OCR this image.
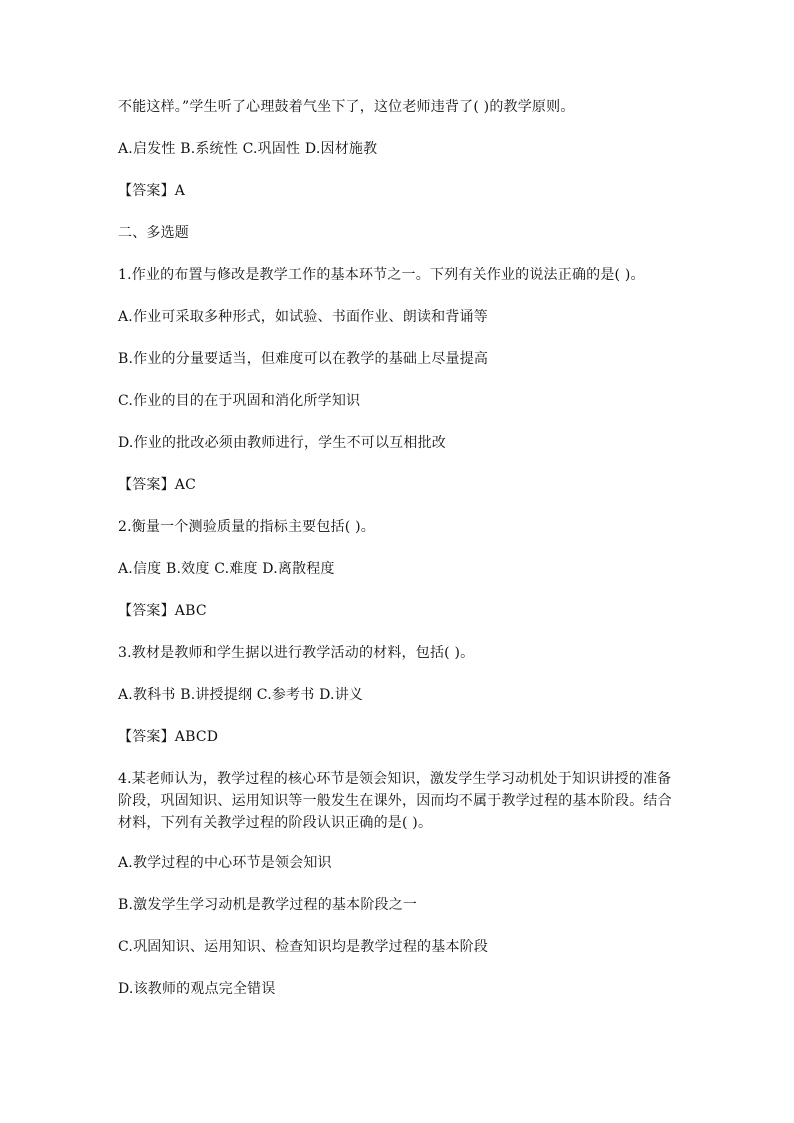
不能这样。”学生听了心理鼓着气坐下了，这位老师违背了( )的教学原则。
A.启发性 B.系统性 C.巩固性 D.因材施教
【答案】A
二、多选题
1.作业的布置与修改是教学工作的基本环节之一。下列有关作业的说法正确的是( )。
A.作业可采取多种形式，如试验、书面作业、朗读和背诵等
B.作业的分量要适当，但难度可以在教学的基础上尽量提高
C.作业的目的在于巩固和消化所学知识
D.作业的批改必须由教师进行，学生不可以互相批改
【答案】AC
2.衡量一个测验质量的指标主要包括( )。
A.信度 B.效度 C.难度 D.离散程度
【答案】ABC
3.教材是教师和学生据以进行教学活动的材料，包括( )。
A.教科书 B.讲授提纲 C.参考书 D.讲义
【答案】ABCD
4.某老师认为，教学过程的核心环节是领会知识，激发学生学习动机处于知识讲授的准备
阶段，巩固知识、运用知识等一般发生在课外，因而均不属于教学过程的基本阶段。结合
材料，下列有关教学过程的阶段认识正确的是( )。
A.教学过程的中心环节是领会知识
B.激发学生学习动机是教学过程的基本阶段之一
C.巩固知识、运用知识、检查知识均是教学过程的基本阶段
D.该教师的观点完全错误
